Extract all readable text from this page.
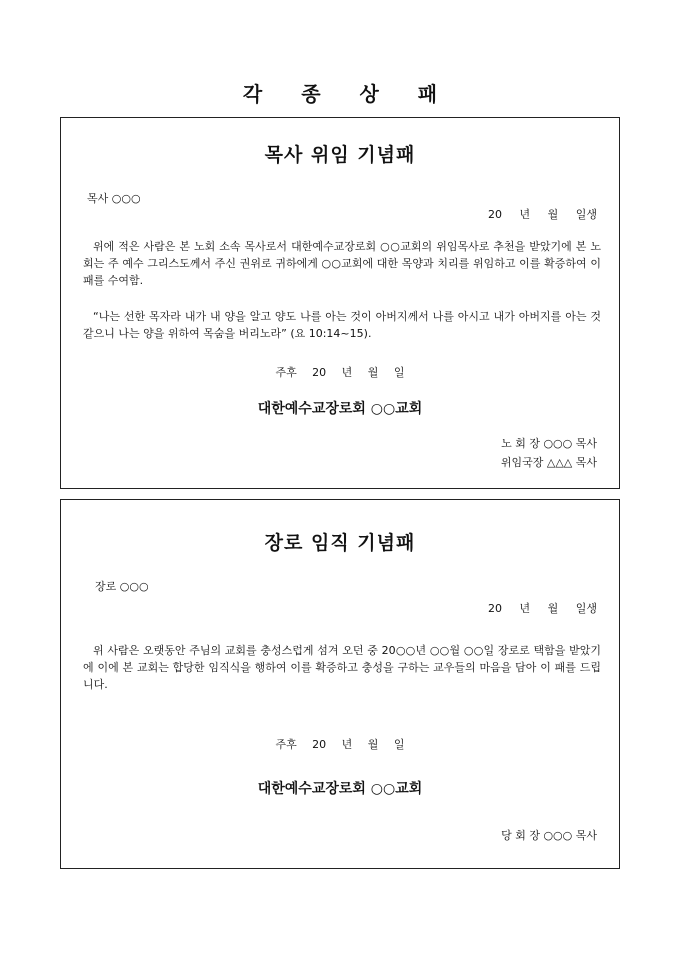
각 종 상 패
목사 위임 기념패
목사 ○○○
20 년 월 일생

위에 적은 사람은 본 노회 소속 목사로서 대한예수교장로회 ○○교회의 위임목사로 추천을 받았기에 본 노회는 주 예수 그리스도께서 주신 권위로 귀하에게 ○○교회에 대한 목양과 치리를 위임하고 이를 확증하여 이 패를 수여함.

“나는 선한 목자라 내가 내 양을 알고 양도 나를 아는 것이 아버지께서 나를 아시고 내가 아버지를 아는 것 같으니 나는 양을 위하여 목숨을 버리노라” (요 10:14~15).

주후 20 년 월 일
대한예수교장로회 ○○교회
노 회 장 ○○○ 목사
위임국장 △△△ 목사
장로 임직 기념패
장로 ○○○
20 년 월 일생

위 사람은 오랫동안 주님의 교회를 충성스럽게 섬겨 오던 중 20○○년 ○○월 ○○일 장로로 택함을 받았기에 이에 본 교회는 합당한 임직식을 행하여 이를 확증하고 충성을 구하는 교우들의 마음을 담아 이 패를 드립니다.

주후 20 년 월 일
대한예수교장로회 ○○교회
당 회 장 ○○○ 목사
